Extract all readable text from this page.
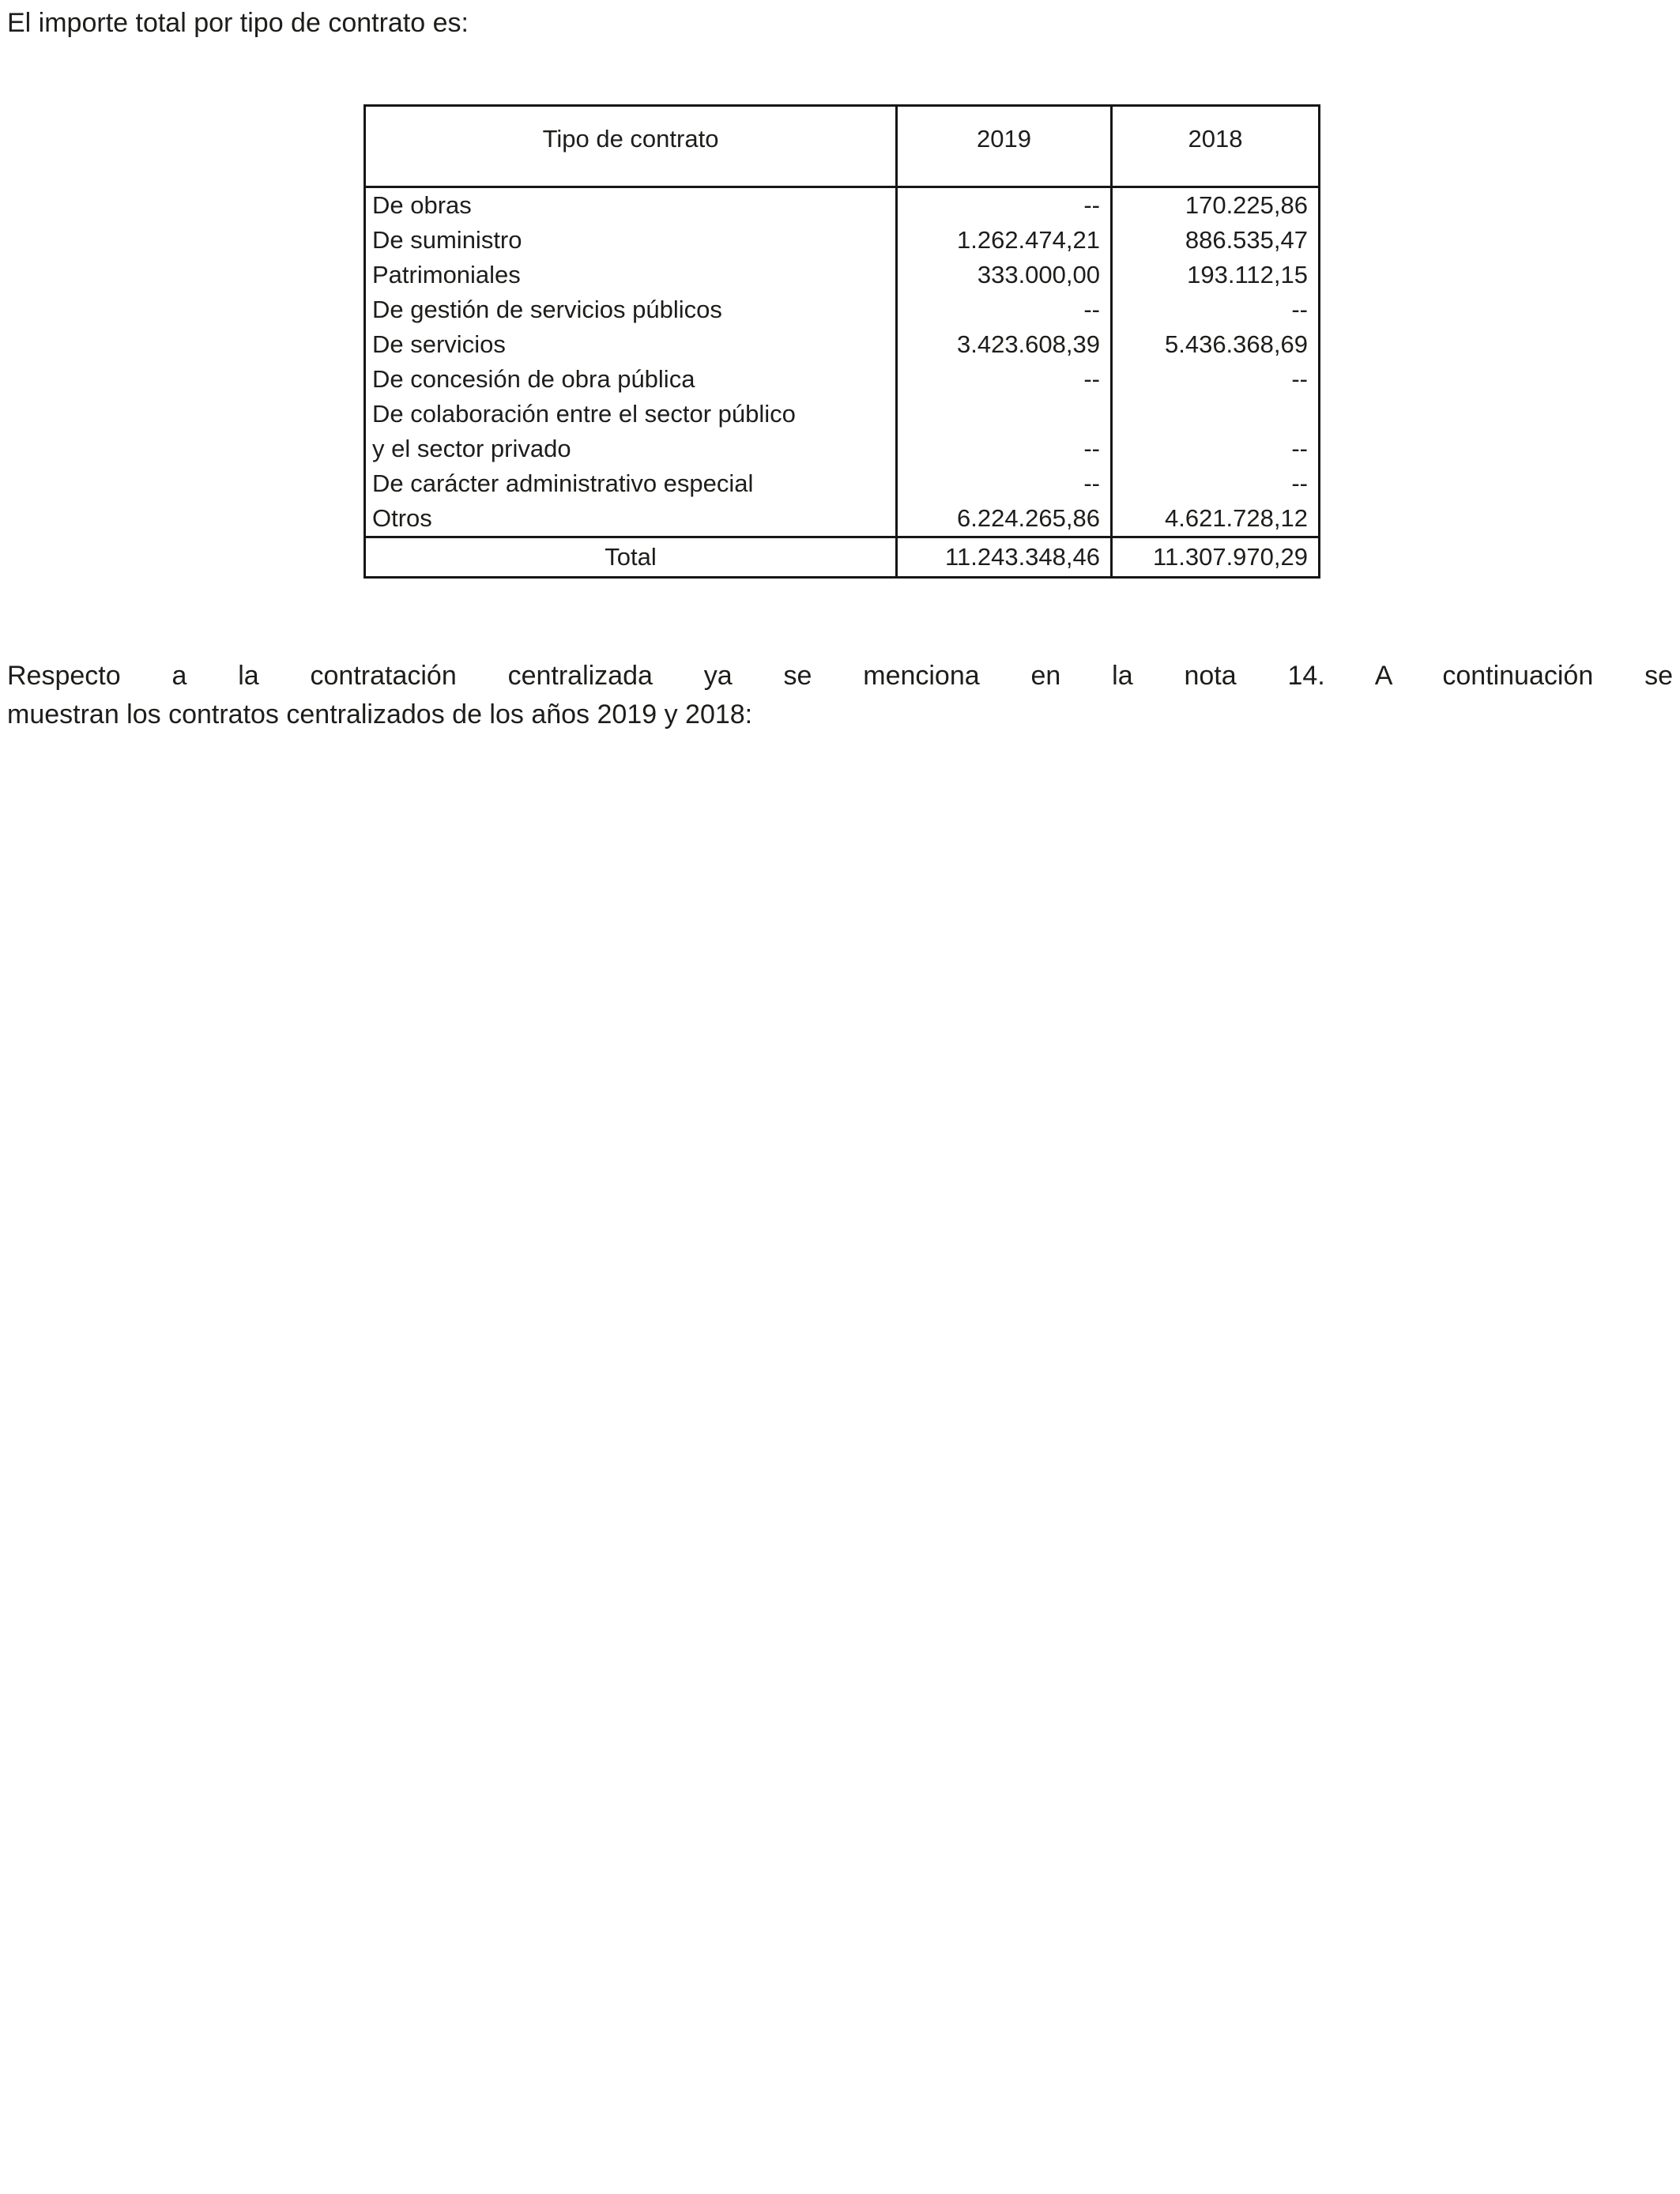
El importe total por tipo de contrato es:
Tipo de contrato	2019	2018
De obras	--	170.225,86
De suministro	1.262.474,21	886.535,47
Patrimoniales	333.000,00	193.112,15
De gestión de servicios públicos	--	--
De servicios	3.423.608,39	5.436.368,69
De concesión de obra pública	--	--
De colaboración entre el sector público		
y el sector privado	--	--
De carácter administrativo especial	--	--
Otros	6.224.265,86	4.621.728,12
Total	11.243.348,46	11.307.970,29
Respecto a la contratación centralizada ya se menciona en la nota 14. A continuación se
muestran los contratos centralizados de los años 2019 y 2018:
